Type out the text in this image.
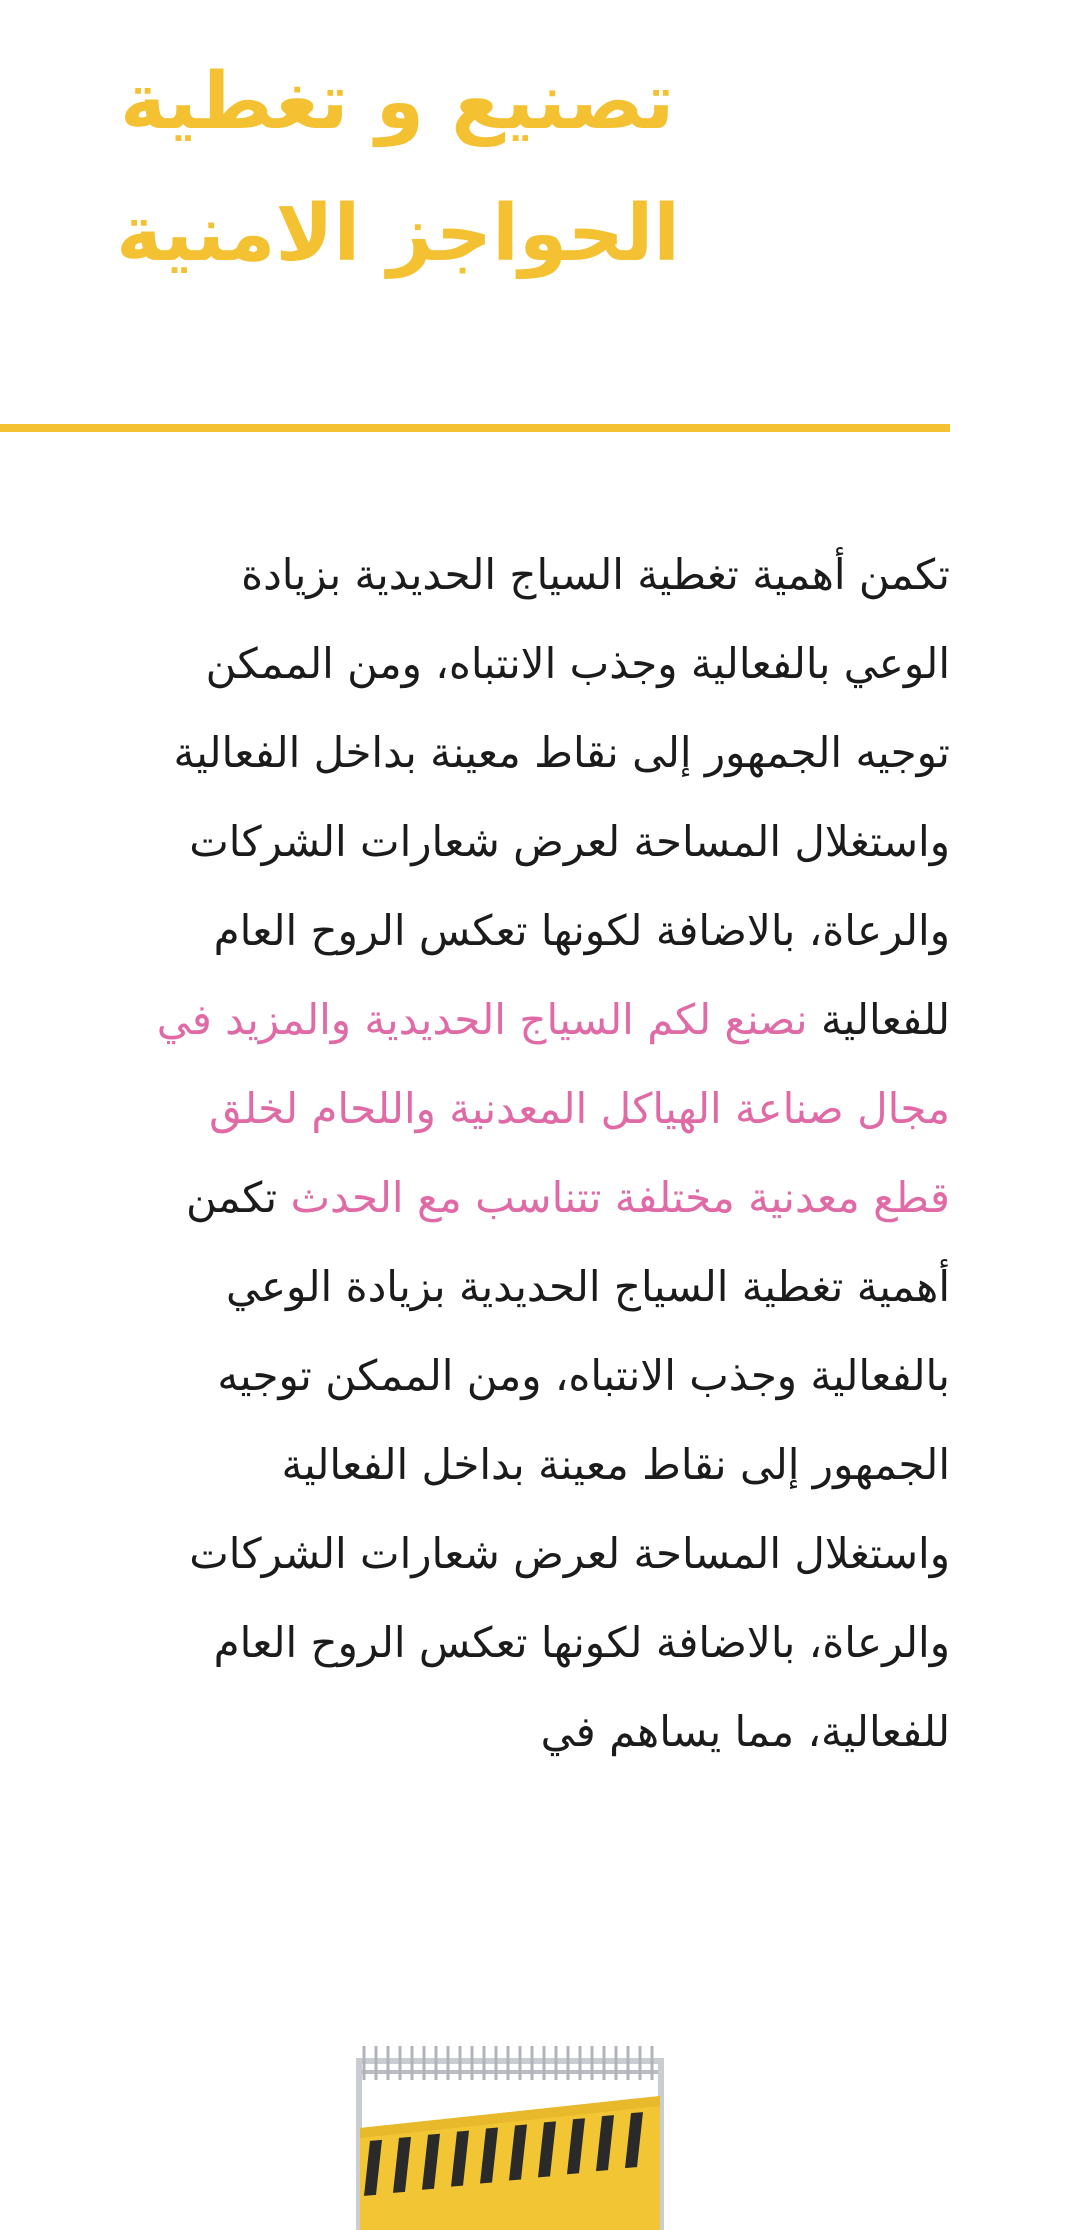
تصنيع و تغطية
الحواجز الامنية

تكمن أهمية تغطية السياج الحديدية بزيادة الوعي بالفعالية وجذب الانتباه، ومن الممكن توجيه الجمهور إلى نقاط معينة بداخل الفعالية واستغلال المساحة لعرض شعارات الشركات والرعاة، بالاضافة لكونها تعكس الروح العام للفعالية نصنع لكم السياج الحديدية والمزيد في مجال صناعة الهياكل المعدنية واللحام لخلق قطع معدنية مختلفة تتناسب مع الحدث تكمن أهمية تغطية السياج الحديدية بزيادة الوعي بالفعالية وجذب الانتباه، ومن الممكن توجيه الجمهور إلى نقاط معينة بداخل الفعالية واستغلال المساحة لعرض شعارات الشركات والرعاة، بالاضافة لكونها تعكس الروح العام للفعالية، مما يساهم في
